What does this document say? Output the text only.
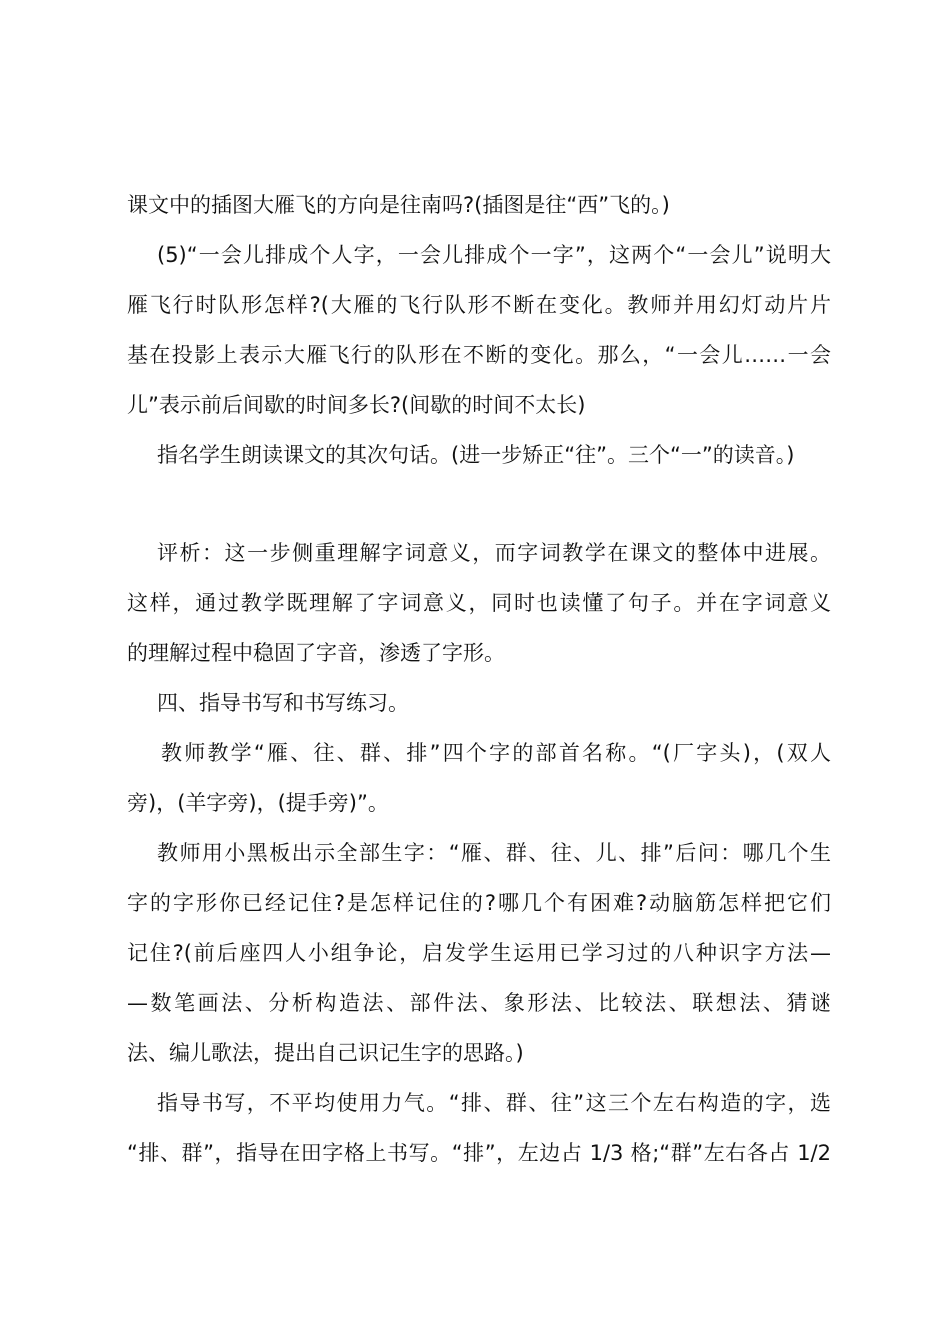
课文中的插图大雁飞的方向是往南吗?(插图是往“西”飞的。)
(5)“一会儿排成个人字，一会儿排成个一字”，这两个“一会儿”说明大
雁飞行时队形怎样?(大雁的飞行队形不断在变化。教师并用幻灯动片片
基在投影上表示大雁飞行的队形在不断的变化。那么，“一会儿……一会
儿”表示前后间歇的时间多长?(间歇的时间不太长)
指名学生朗读课文的其次句话。(进一步矫正“往”。三个“一”的读音。)
评析：这一步侧重理解字词意义，而字词教学在课文的整体中进展。
这样，通过教学既理解了字词意义，同时也读懂了句子。并在字词意义
的理解过程中稳固了字音，渗透了字形。
四、指导书写和书写练习。
教师教学“雁、往、群、排”四个字的部首名称。“(厂字头)，(双人
旁)，(羊字旁)，(提手旁)”。
教师用小黑板出示全部生字：“雁、群、往、儿、排”后问：哪几个生
字的字形你已经记住?是怎样记住的?哪几个有困难?动脑筋怎样把它们
记住?(前后座四人小组争论，启发学生运用已学习过的八种识字方法—
—数笔画法、分析构造法、部件法、象形法、比较法、联想法、猜谜
法、编儿歌法，提出自己识记生字的思路。)
指导书写，不平均使用力气。“排、群、往”这三个左右构造的字，选
“排、群”，指导在田字格上书写。“排”，左边占 1/3 格;“群”左右各占 1/2
